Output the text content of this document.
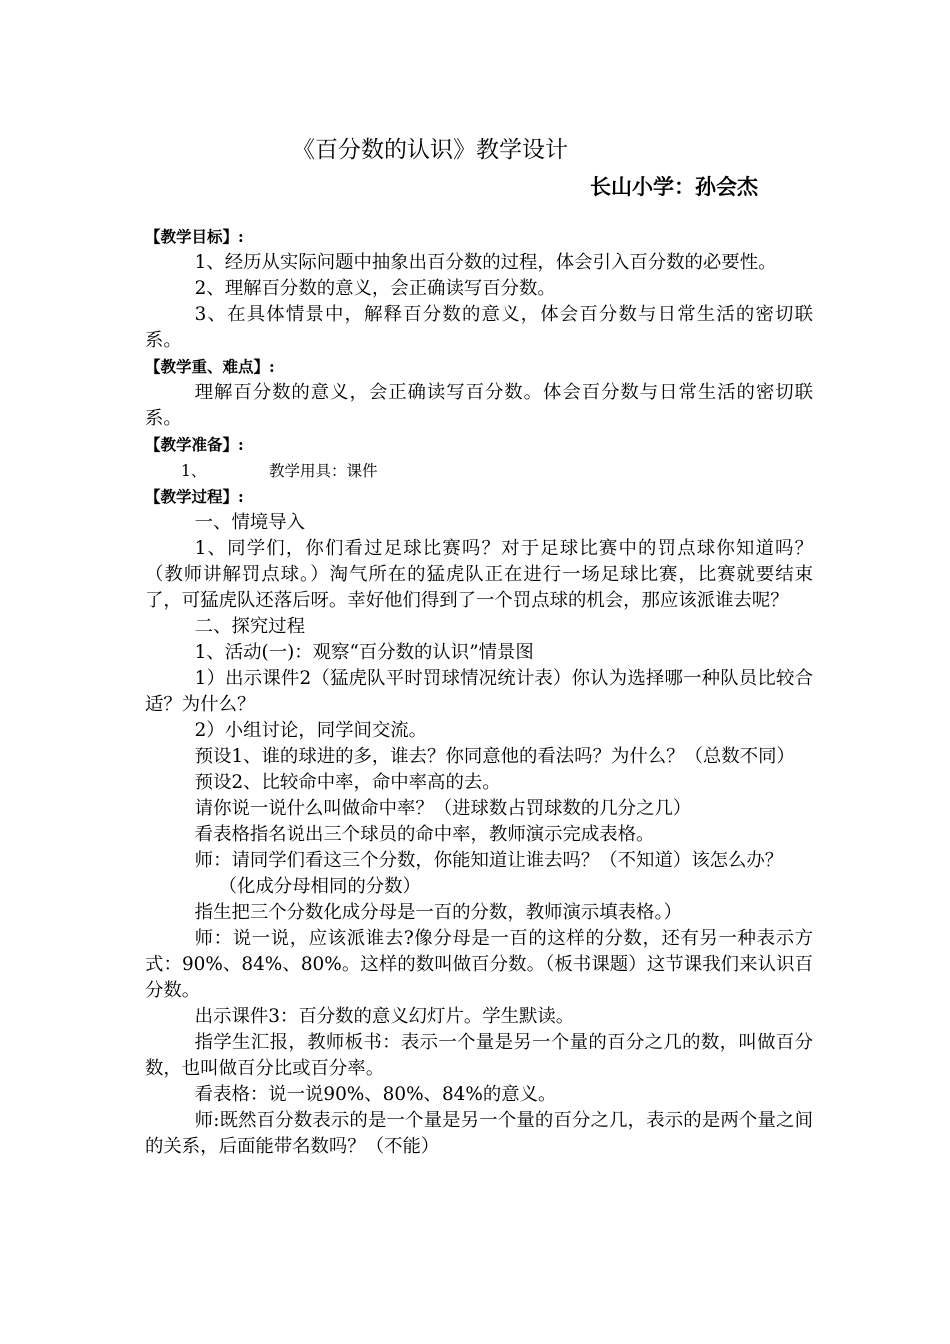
《百分数的认识》教学设计
长山小学：孙会杰
【教学目标】:
1、经历从实际问题中抽象出百分数的过程，体会引入百分数的必要性。
2、理解百分数的意义，会正确读写百分数。
3、在具体情景中，解释百分数的意义，体会百分数与日常生活的密切联系。
【教学重、难点】:
理解百分数的意义，会正确读写百分数。体会百分数与日常生活的密切联系。
【教学准备】:
1、	教学用具：课件
【教学过程】:
一、情境导入
1、同学们，你们看过足球比赛吗？对于足球比赛中的罚点球你知道吗？（教师讲解罚点球。）淘气所在的猛虎队正在进行一场足球比赛，比赛就要结束了，可猛虎队还落后呀。幸好他们得到了一个罚点球的机会，那应该派谁去呢？
二、探究过程
1、活动(一)：观察“百分数的认识”情景图
1）出示课件2（猛虎队平时罚球情况统计表）你认为选择哪一种队员比较合适？为什么？
2）小组讨论，同学间交流。
预设1、谁的球进的多，谁去？你同意他的看法吗？为什么？（总数不同）
预设2、比较命中率，命中率高的去。
请你说一说什么叫做命中率？（进球数占罚球数的几分之几）
看表格指名说出三个球员的命中率，教师演示完成表格。
师：请同学们看这三个分数，你能知道让谁去吗？（不知道）该怎么办？
（化成分母相同的分数）
指生把三个分数化成分母是一百的分数，教师演示填表格。）
师：说一说，应该派谁去?像分母是一百的这样的分数，还有另一种表示方式：90%、84%、80%。这样的数叫做百分数。（板书课题）这节课我们来认识百分数。
出示课件3：百分数的意义幻灯片。学生默读。
指学生汇报，教师板书：表示一个量是另一个量的百分之几的数，叫做百分数，也叫做百分比或百分率。
看表格：说一说90%、80%、84%的意义。
师:既然百分数表示的是一个量是另一个量的百分之几，表示的是两个量之间的关系，后面能带名数吗？（不能）
